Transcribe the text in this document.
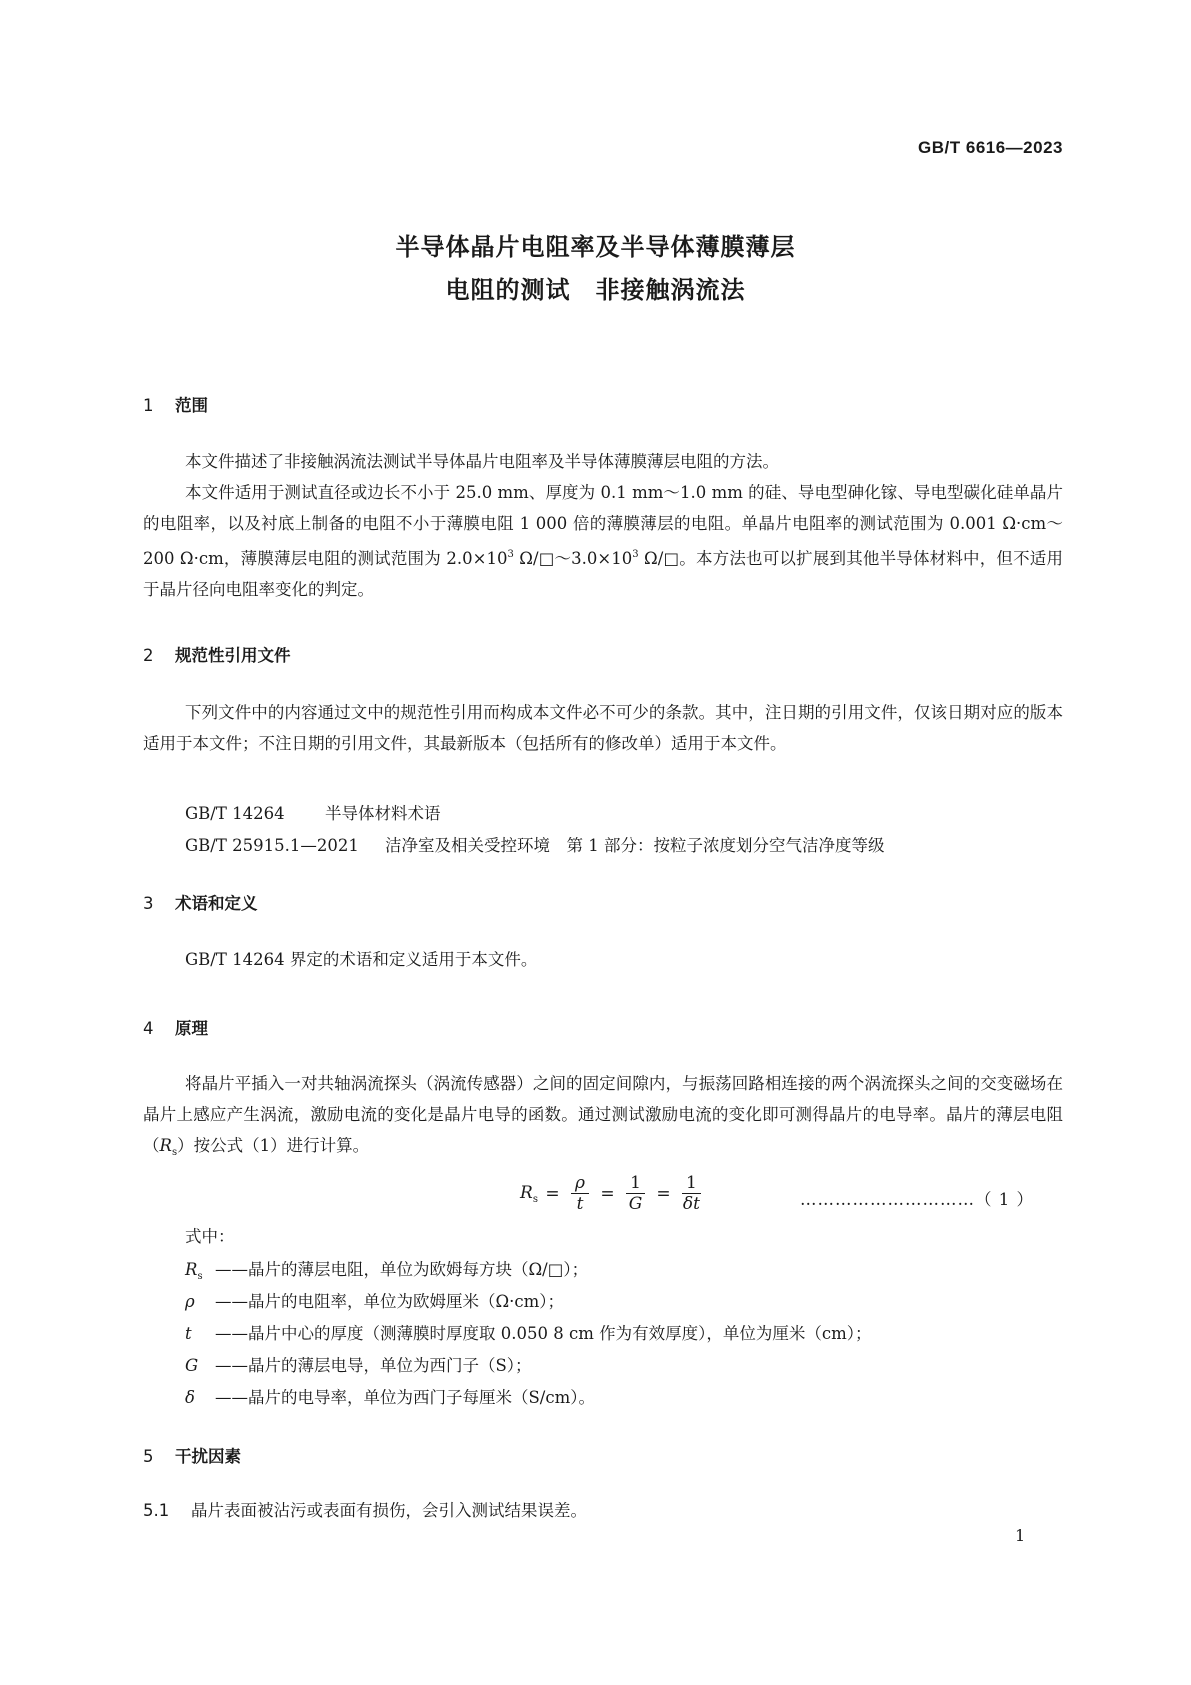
GB/T 6616—2023
半导体晶片电阻率及半导体薄膜薄层
电阻的测试　非接触涡流法
1 范围

本文件描述了非接触涡流法测试半导体晶片电阻率及半导体薄膜薄层电阻的方法。

本文件适用于测试直径或边长不小于 25.0 mm、厚度为 0.1 mm～1.0 mm 的硅、导电型砷化镓、导电型碳化硅单晶片的电阻率，以及衬底上制备的电阻不小于薄膜电阻 1 000 倍的薄膜薄层的电阻。单晶片电阻率的测试范围为 0.001 Ω·cm～200 Ω·cm，薄膜薄层电阻的测试范围为 $2.0\times 10^3$ $\Omega/□\sim 3.0\times 10^3$ Ω/□。本方法也可以扩展到其他半导体材料中，但不适用于晶片径向电阻率变化的判定。

2 规范性引用文件

下列文件中的内容通过文中的规范性引用而构成本文件必不可少的条款。其中，注日期的引用文件，仅该日期对应的版本适用于本文件；不注日期的引用文件，其最新版本（包括所有的修改单）适用于本文件。

GB/T 14264 半导体材料术语
GB/T 25915.1—2021 洁净室及相关受控环境　第 1 部分：按粒子浓度划分空气洁净度等级
3 术语和定义
GB/T 14264 界定的术语和定义适用于本文件。
4 原理

将晶片平插入一对共轴涡流探头（涡流传感器）之间的固定间隙内，与振荡回路相连接的两个涡流探头之间的交变磁场在晶片上感应产生涡流，激励电流的变化是晶片电导的函数。通过测试激励电流的变化即可测得晶片的电导率。晶片的薄层电阻$(R_s)$按公式（1）进行计算。

$R_s = \frac{\rho}{t} = \frac{1}{G} = \frac{1}{\delta t}$	…………………………（ 1 ）
式中：
$R_s$ ——晶片的薄层电阻，单位为欧姆每方块（Ω/□）；
ρ ——晶片的电阻率，单位为欧姆厘米（Ω·cm）；
t ——晶片中心的厚度（测薄膜时厚度取 0.050 8 cm 作为有效厚度），单位为厘米（cm）；
G ——晶片的薄层电导，单位为西门子（S）；
δ ——晶片的电导率，单位为西门子每厘米（S/cm）。
5 干扰因素
5.1 晶片表面被沾污或表面有损伤，会引入测试结果误差。
1
